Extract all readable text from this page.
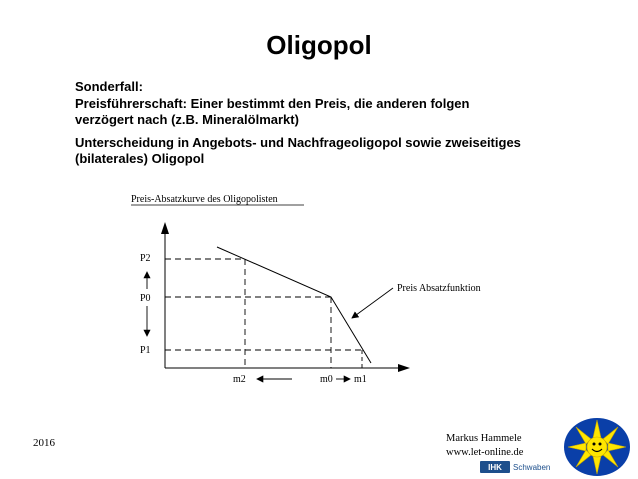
Oligopol
Sonderfall:
Preisführerschaft: Einer bestimmt den Preis, die anderen folgen
verzögert nach (z.B. Mineralölmarkt)
Unterscheidung in Angebots- und Nachfrageoligopol sowie zweiseitiges
(bilaterales) Oligopol
Preis-Absatzkurve des Oligopolisten
P2
P0
P1
m2	m0 m1
Preis Absatzfunktion
2016	Markus Hammele
www.let-online.de
IHK	Schwaben
